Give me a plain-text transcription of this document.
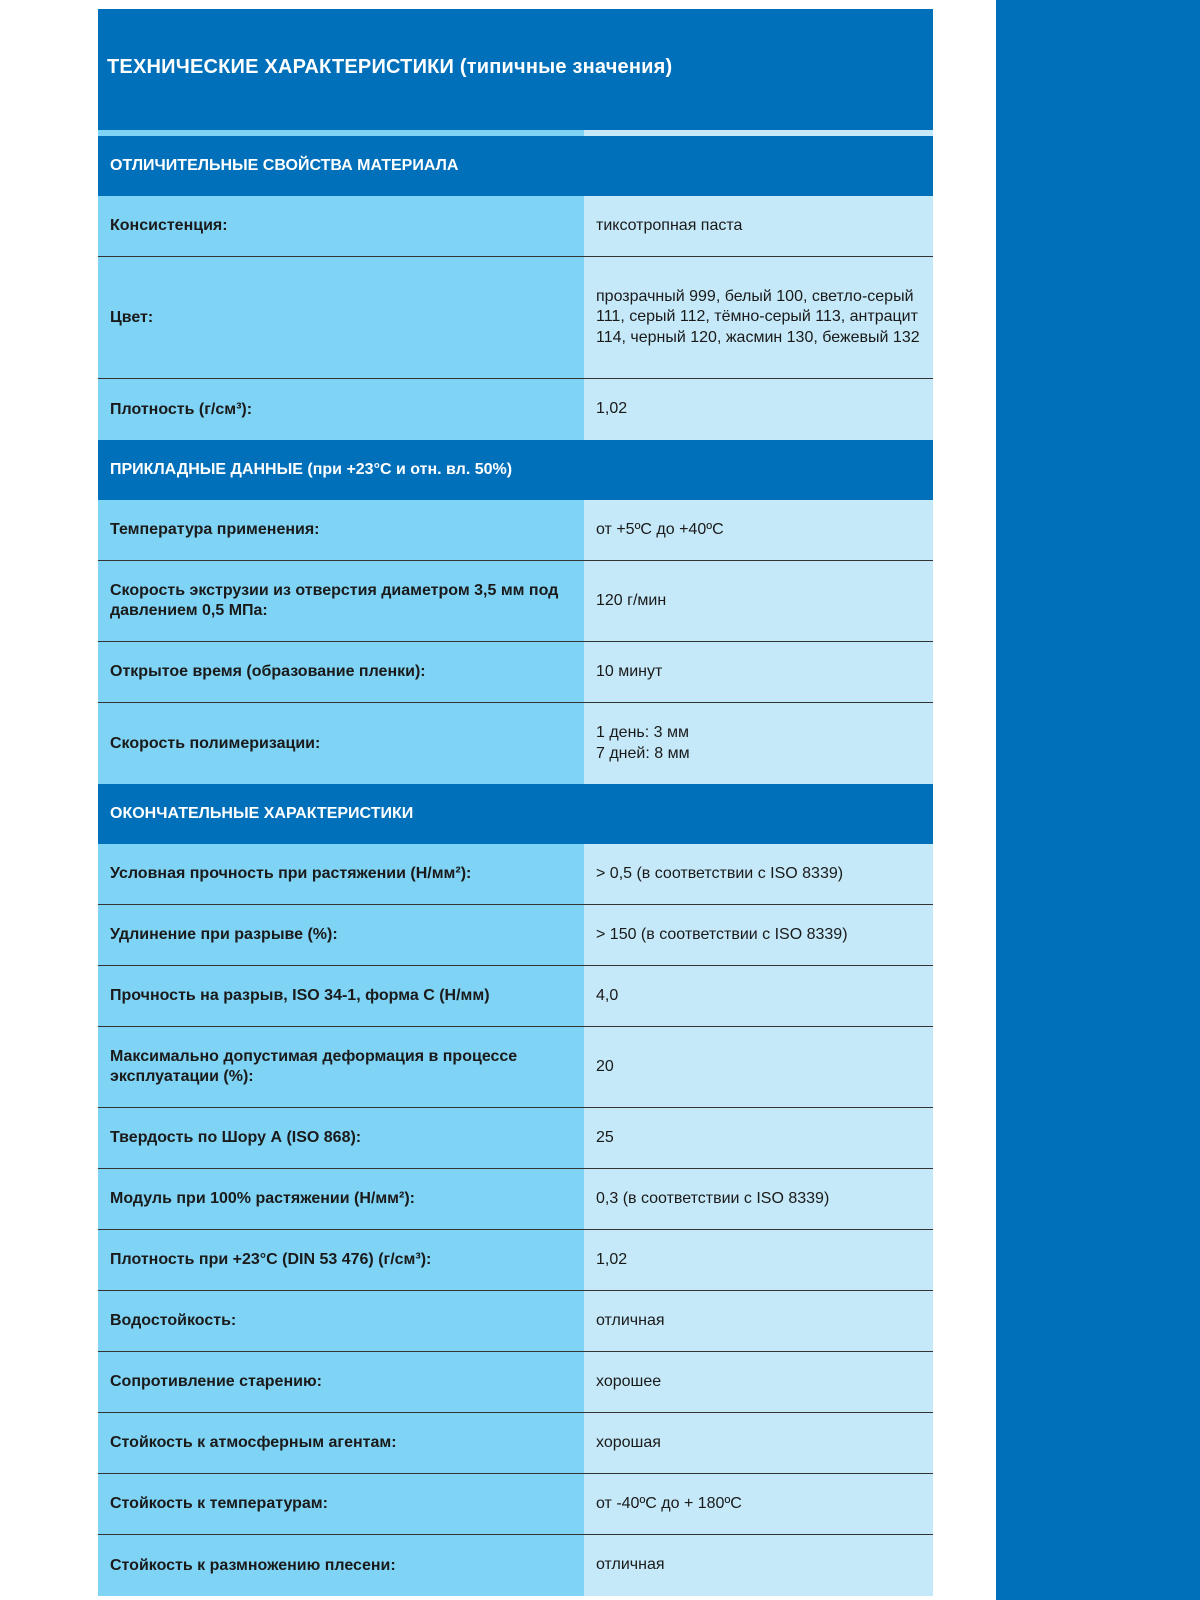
ТЕХНИЧЕСКИЕ ХАРАКТЕРИСТИКИ (типичные значения)
ОТЛИЧИТЕЛЬНЫЕ СВОЙСТВА МАТЕРИАЛА
Консистенция:	тиксотропная паста
Цвет:
прозрачный 999, белый 100, светло-серый 111, серый 112, тёмно-серый 113, антрацит 114, черный 120, жасмин 130, бежевый 132
Плотность (г/см³):	1,02
ПРИКЛАДНЫЕ ДАННЫЕ (при +23°C и отн. вл. 50%)
Температура применения:	от +5ºC до +40ºC
Скорость экструзии из отверстия диаметром 3,5 мм под давлением 0,5 МПа:
120 г/мин
Открытое время (образование пленки):	10 минут
Скорость полимеризации:
1 день: 3 мм
7 дней: 8 мм
ОКОНЧАТЕЛЬНЫЕ ХАРАКТЕРИСТИКИ
Условная прочность при растяжении (Н/мм²):	> 0,5 (в соответствии с ISO 8339)
Удлинение при разрыве (%):	> 150 (в соответствии с ISO 8339)
Прочность на разрыв, ISO 34-1, форма C (Н/мм)	4,0
Максимально допустимая деформация в процессе эксплуатации (%):
20
Твердость по Шору А (ISO 868):	25
Модуль при 100% растяжении (Н/мм²):	0,3 (в соответствии с ISO 8339)
Плотность при +23°C (DIN 53 476) (г/см³):	1,02
Водостойкость:	отличная
Сопротивление старению:	хорошее
Стойкость к атмосферным агентам:	хорошая
Стойкость к температурам:	от -40ºC до + 180ºC
Стойкость к размножению плесени:	отличная
